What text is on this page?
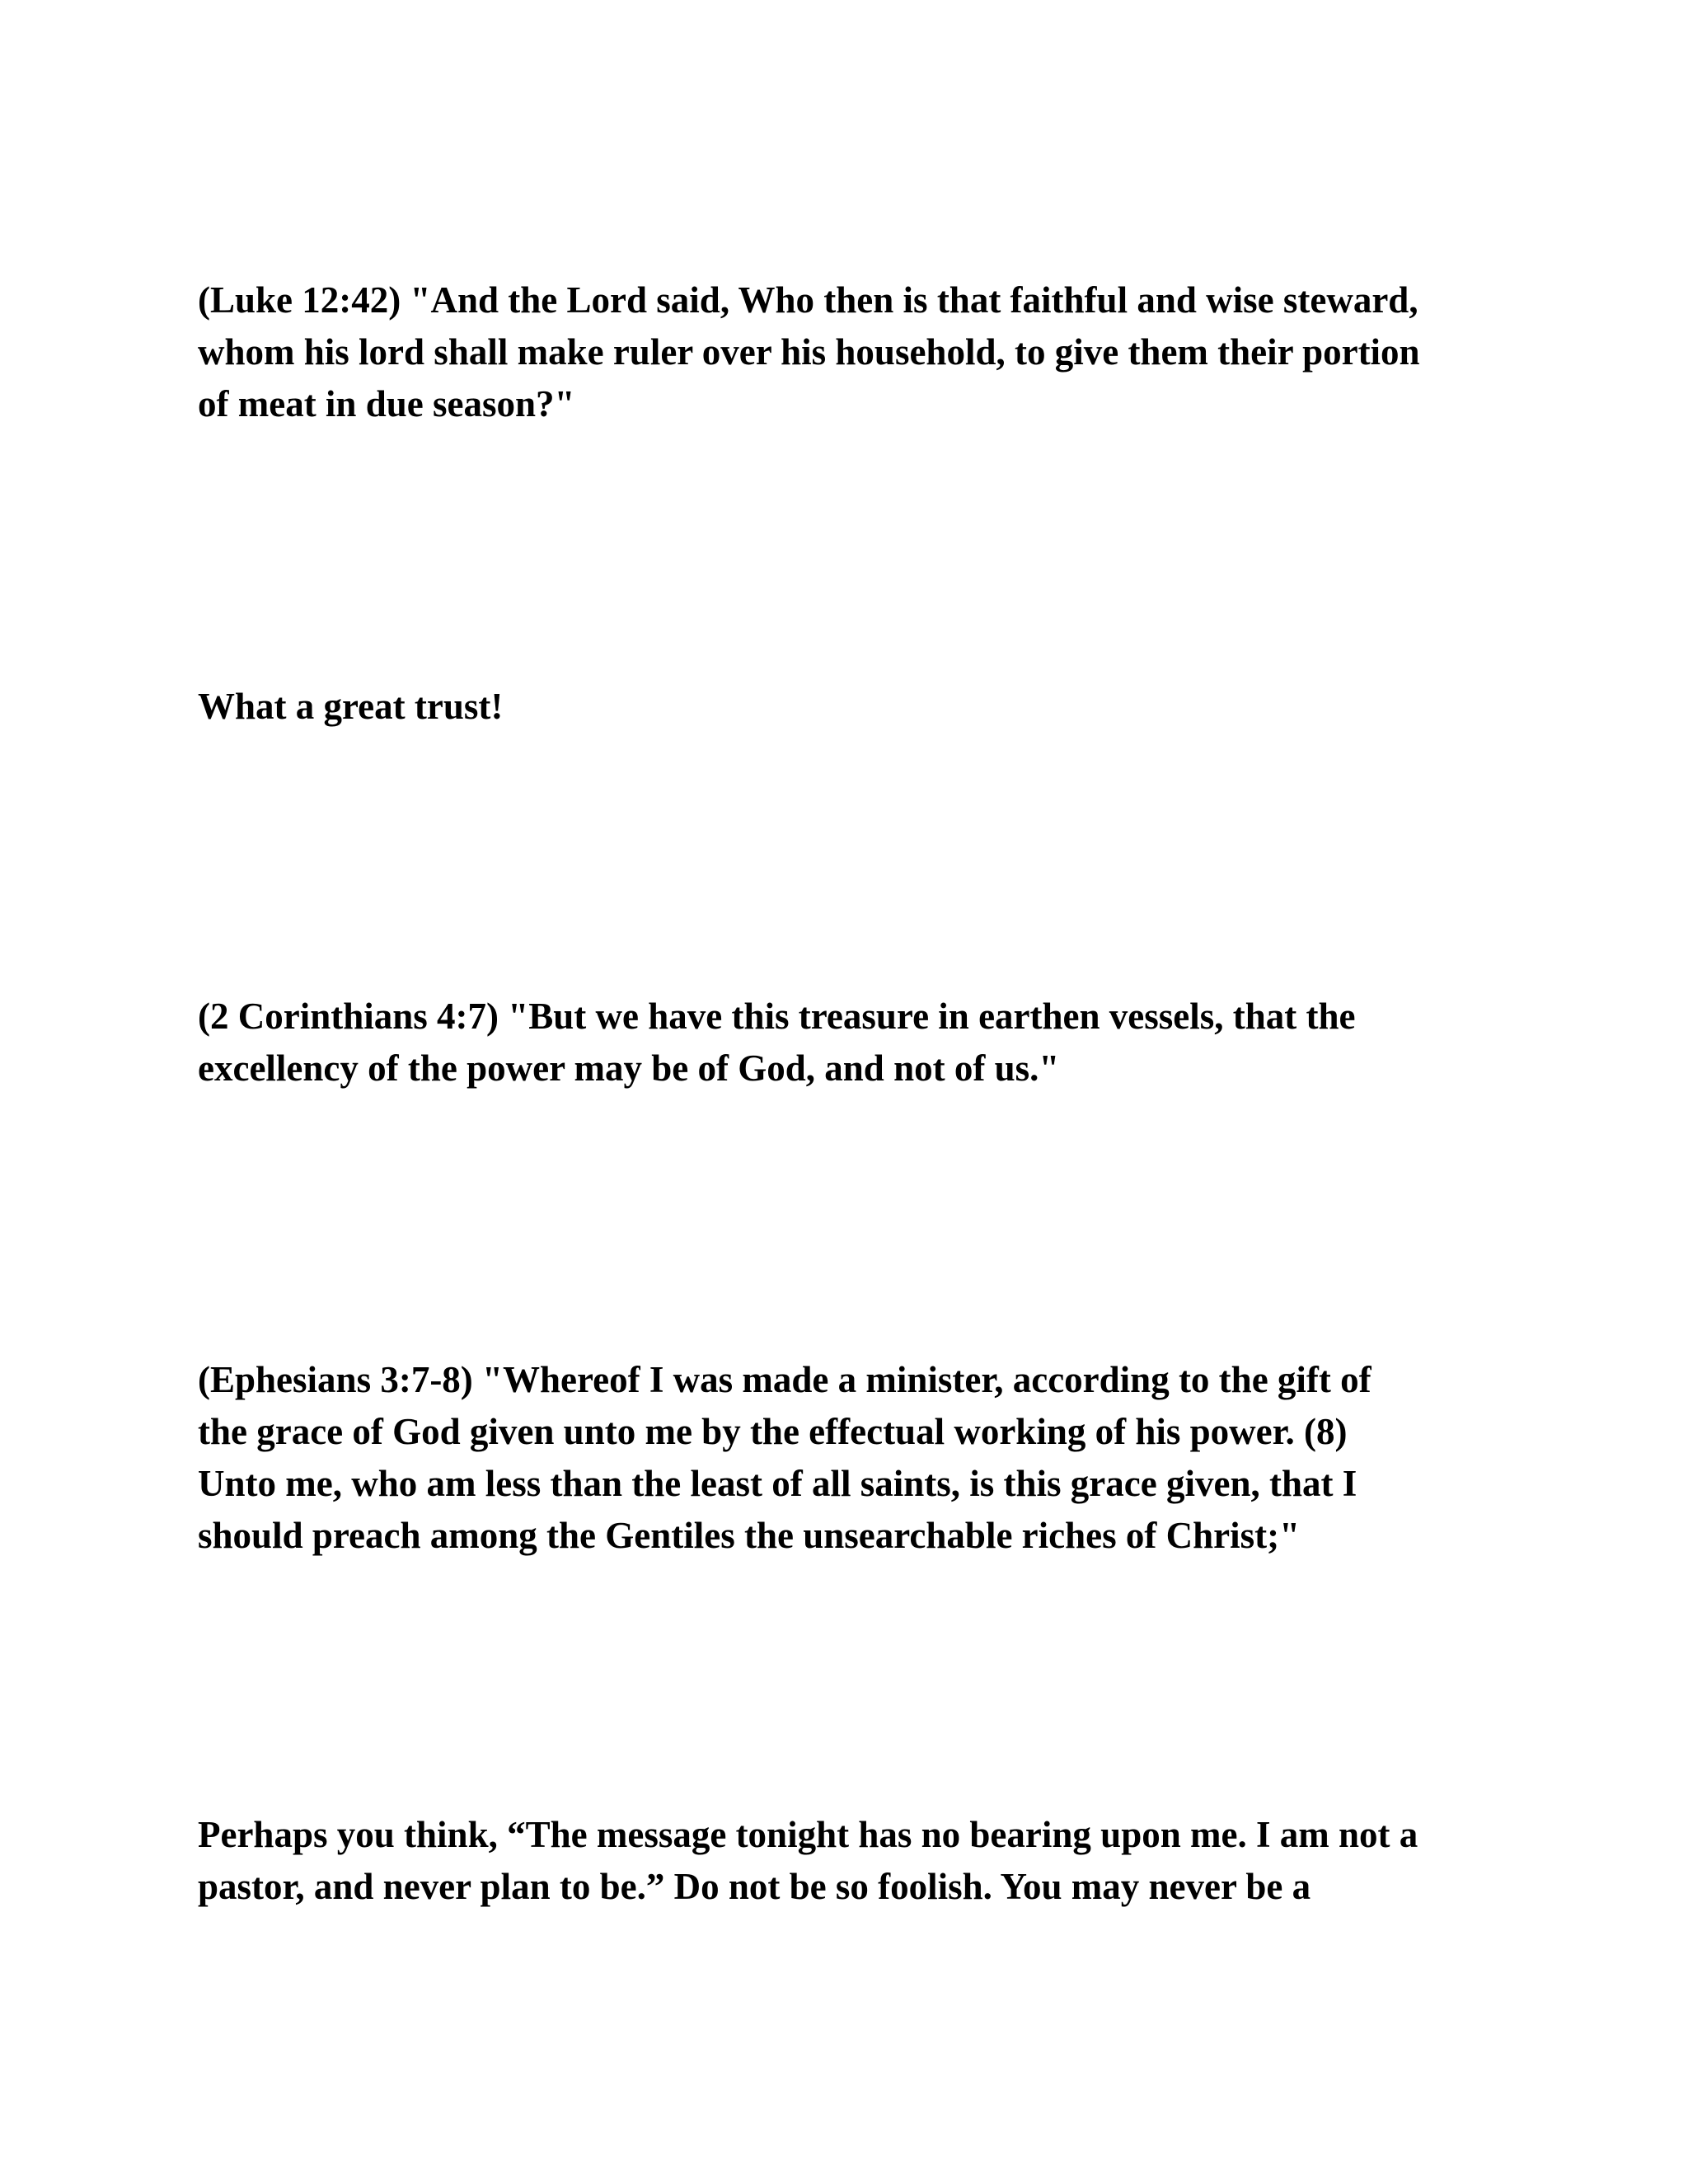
(Luke 12:42) "And the Lord said, Who then is that faithful and wise steward,
whom his lord shall make ruler over his household, to give them their portion
of meat in due season?"

What a great trust!

(2 Corinthians 4:7) "But we have this treasure in earthen vessels, that the
excellency of the power may be of God, and not of us."

(Ephesians 3:7-8) "Whereof I was made a minister, according to the gift of
the grace of God given unto me by the effectual working of his power. (8)
Unto me, who am less than the least of all saints, is this grace given, that I
should preach among the Gentiles the unsearchable riches of Christ;"

Perhaps you think, “The message tonight has no bearing upon me. I am not a
pastor, and never plan to be.” Do not be so foolish. You may never be a
